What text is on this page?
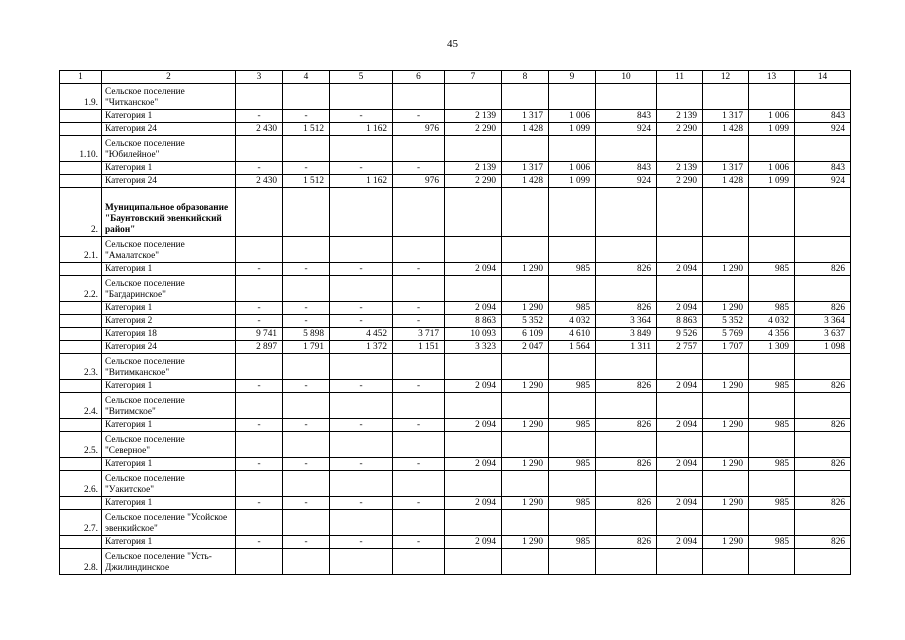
45
1	2	3	4	5	6	7	8	9	10	11	12	13	14
1.9.	Сельское поселение "Читканское"												
	Категория 1	-	-	-	-	2 139	1 317	1 006	843	2 139	1 317	1 006	843
	Категория 24	2 430	1 512	1 162	976	2 290	1 428	1 099	924	2 290	1 428	1 099	924
1.10.	Сельское поселение "Юбилейное"												
	Категория 1	-	-	-	-	2 139	1 317	1 006	843	2 139	1 317	1 006	843
	Категория 24	2 430	1 512	1 162	976	2 290	1 428	1 099	924	2 290	1 428	1 099	924
2.	Муниципальное образование "Баунтовский эвенкийский район"												
2.1.	Сельское поселение "Амалатское"												
	Категория 1	-	-	-	-	2 094	1 290	985	826	2 094	1 290	985	826
2.2.	Сельское поселение "Багдаринское"												
	Категория 1	-	-	-	-	2 094	1 290	985	826	2 094	1 290	985	826
	Категория 2	-	-	-	-	8 863	5 352	4 032	3 364	8 863	5 352	4 032	3 364
	Категория 18	9 741	5 898	4 452	3 717	10 093	6 109	4 610	3 849	9 526	5 769	4 356	3 637
	Категория 24	2 897	1 791	1 372	1 151	3 323	2 047	1 564	1 311	2 757	1 707	1 309	1 098
2.3.	Сельское поселение "Витимканское"												
	Категория 1	-	-	-	-	2 094	1 290	985	826	2 094	1 290	985	826
2.4.	Сельское поселение "Витимское"												
	Категория 1	-	-	-	-	2 094	1 290	985	826	2 094	1 290	985	826
2.5.	Сельское поселение "Северное"												
	Категория 1	-	-	-	-	2 094	1 290	985	826	2 094	1 290	985	826
2.6.	Сельское поселение "Уакитское"												
	Категория 1	-	-	-	-	2 094	1 290	985	826	2 094	1 290	985	826
2.7.	Сельское поселение "Усойское эвенкийское"												
	Категория 1	-	-	-	-	2 094	1 290	985	826	2 094	1 290	985	826
2.8.	Сельское поселение "Усть-Джилиндинское												
